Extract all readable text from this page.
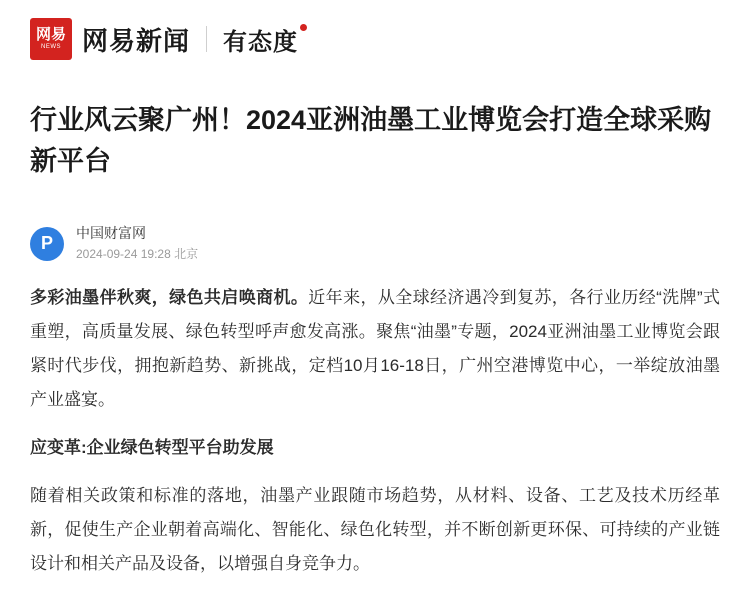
网易
NEWS 网易新闻 有态度
行业风云聚广州！2024亚洲油墨工业博览会打造全球采购新平台
P	中国财富网
2024-09-24 19:28 北京

多彩油墨伴秋爽，绿色共启唤商机。近年来，从全球经济遇冷到复苏，各行业历经“洗牌”式重塑，高质量发展、绿色转型呼声愈发高涨。聚焦“油墨”专题，2024亚洲油墨工业博览会跟紧时代步伐，拥抱新趋势、新挑战，定档10月16-18日，广州空港博览中心，一举绽放油墨产业盛宴。

应变革:企业绿色转型平台助发展

随着相关政策和标准的落地，油墨产业跟随市场趋势，从材料、设备、工艺及技术历经革新，促使生产企业朝着高端化、智能化、绿色化转型，并不断创新更环保、可持续的产业链设计和相关产品及设备，以增强自身竞争力。
